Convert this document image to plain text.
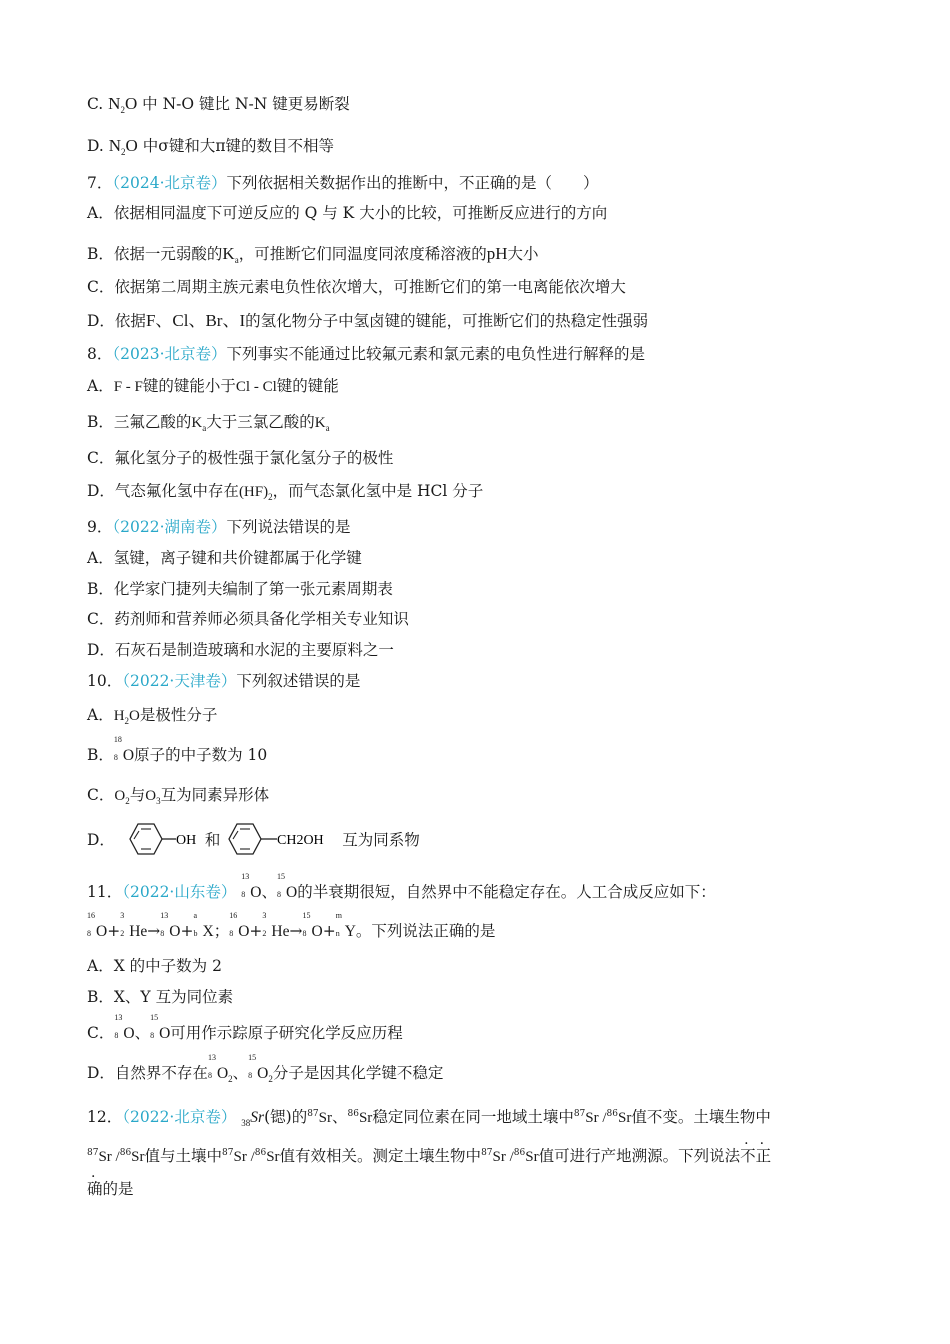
C. $N_2O$ 中 N-O 键比 N-N 键更易断裂
D. $N_2O$ 中σ键和大π键的数目不相等
7．（2024·北京卷）下列依据相关数据作出的推断中，不正确的是（　　）
A．依据相同温度下可逆反应的 Q 与 K 大小的比较，可推断反应进行的方向
B．依据一元弱酸的$K_a$，可推断它们同温度同浓度稀溶液的pH大小
C．依据第二周期主族元素电负性依次增大，可推断它们的第一电离能依次增大
D．依据F、Cl、Br、I的氢化物分子中氢卤键的键能，可推断它们的热稳定性强弱
8．（2023·北京卷）下列事实不能通过比较氟元素和氯元素的电负性进行解释的是
A．F - F键的键能小于Cl - Cl键的键能
B．三氟乙酸的$K_a$大于三氯乙酸的$K_a$
C．氟化氢分子的极性强于氯化氢分子的极性
D．气态氟化氢中存在$(HF)_2$，而气态氯化氢中是 HCl 分子
9．（2022·湖南卷）下列说法错误的是
A．氢键，离子键和共价键都属于化学键
B．化学家门捷列夫编制了第一张元素周期表
C．药剂师和营养师必须具备化学相关专业知识
D．石灰石是制造玻璃和水泥的主要原料之一
10．（2022·天津卷）下列叙述错误的是
A．$H_2O$是极性分子
B．
18
8 O原子的中子数为 10
C．$O_2$与$O_3$互为同素异形体
D．	OH 和	CH2OH 互为同系物
11．（2022·山东卷）
13
8 O、
15
8 O的半衰期很短，自然界中不能稳定存在。人工合成反应如下：
16
8 O+
3
2 He→
13
8 O+
a
b X；
16
8 O+
3
2 He→
15
8 O+
m
n Y。下列说法正确的是
A．X 的中子数为 2
B．X、Y 互为同位素
C．
13
8 O、
15
8 O可用作示踪原子研究化学反应历程
D．自然界不存在
13
8 $O_2$、
15
8 $O_2$分子是因其化学键不稳定
12．（2022·北京卷） $_{38}$Sr(锶)的$^{87}$Sr、$^{86}$Sr稳定同位素在同一地域土壤中$^{87}$Sr /$^{86}$Sr值不变。土壤生物中
$^{87}$Sr /$^{86}$Sr值与土壤中$^{87}$Sr /$^{86}$Sr值有效相关。测定土壤生物中$^{87}$Sr /$^{86}$Sr值可进行产地溯源。下列说法不正
确的是
